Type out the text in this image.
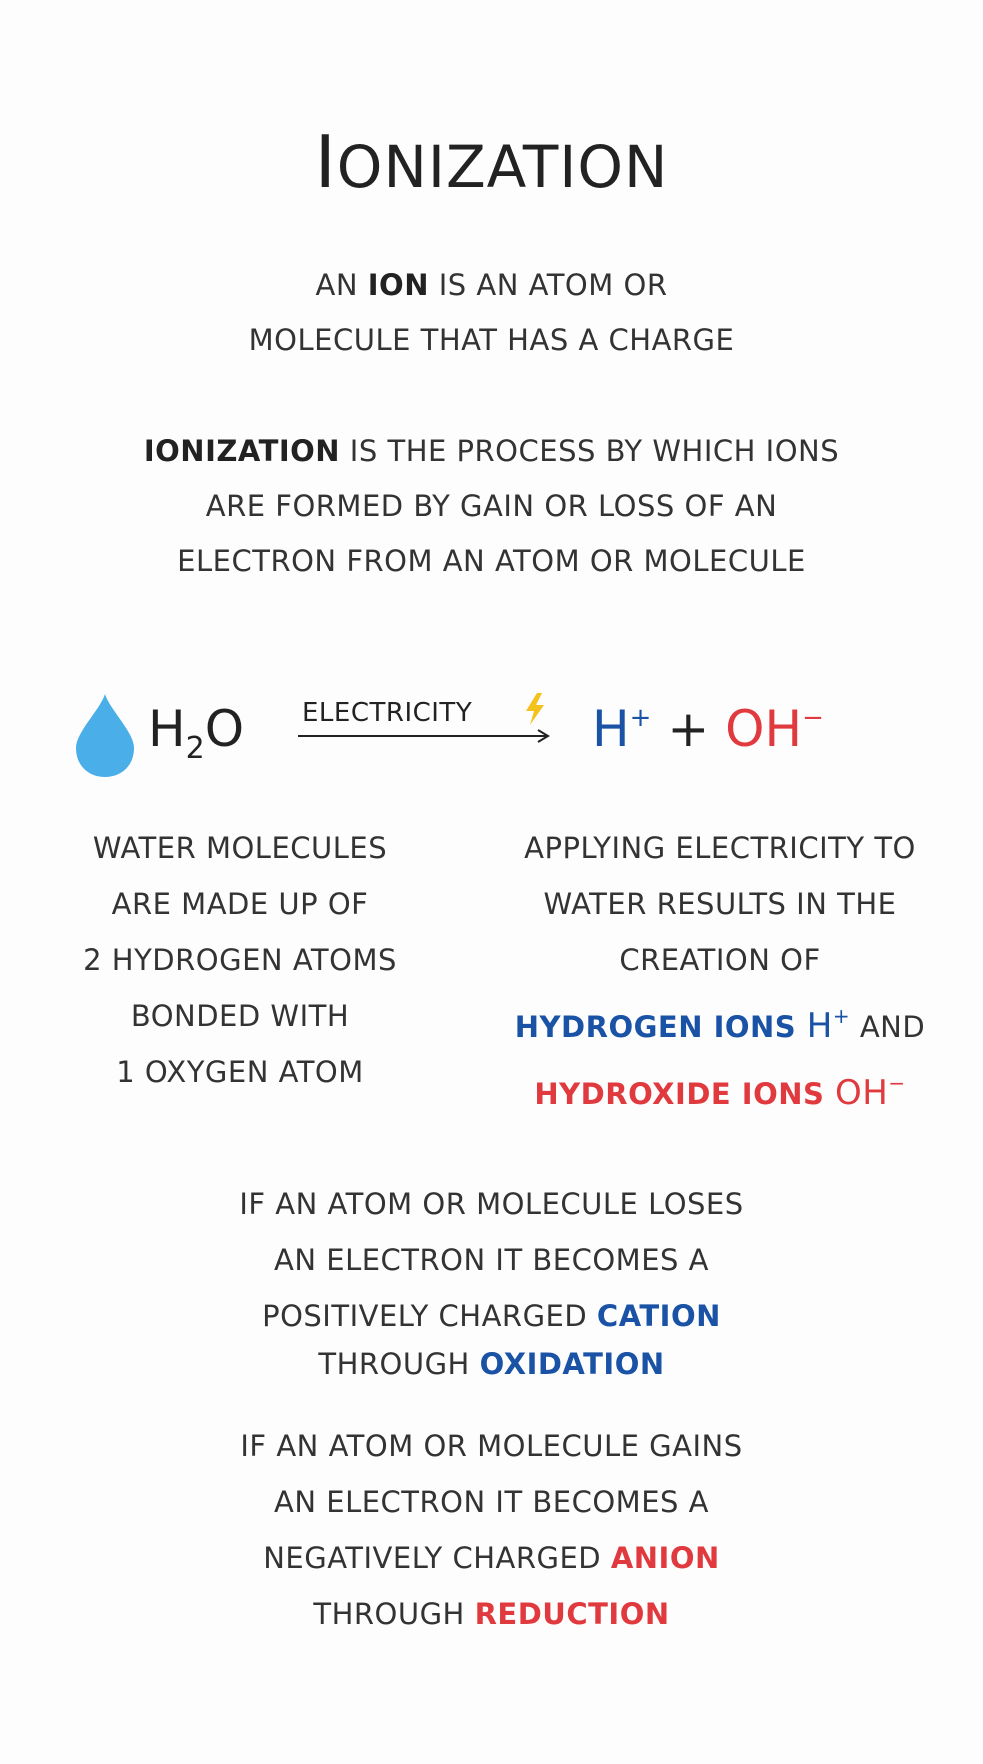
IONIZATION
AN ION IS AN ATOM OR
MOLECULE THAT HAS A CHARGE
IONIZATION IS THE PROCESS BY WHICH IONS
ARE FORMED BY GAIN OR LOSS OF AN
ELECTRON FROM AN ATOM OR MOLECULE
$H_2O$ ELECTRICITY H+ + OH−
WATER MOLECULES
ARE MADE UP OF
2 HYDROGEN ATOMS
BONDED WITH
1 OXYGEN ATOM
APPLYING ELECTRICITY TO
WATER RESULTS IN THE
CREATION OF
HYDROGEN IONS H+ AND
HYDROXIDE IONS OH−
IF AN ATOM OR MOLECULE LOSES
AN ELECTRON IT BECOMES A
POSITIVELY CHARGED CATION
THROUGH OXIDATION
IF AN ATOM OR MOLECULE GAINS
AN ELECTRON IT BECOMES A
NEGATIVELY CHARGED ANION
THROUGH REDUCTION
